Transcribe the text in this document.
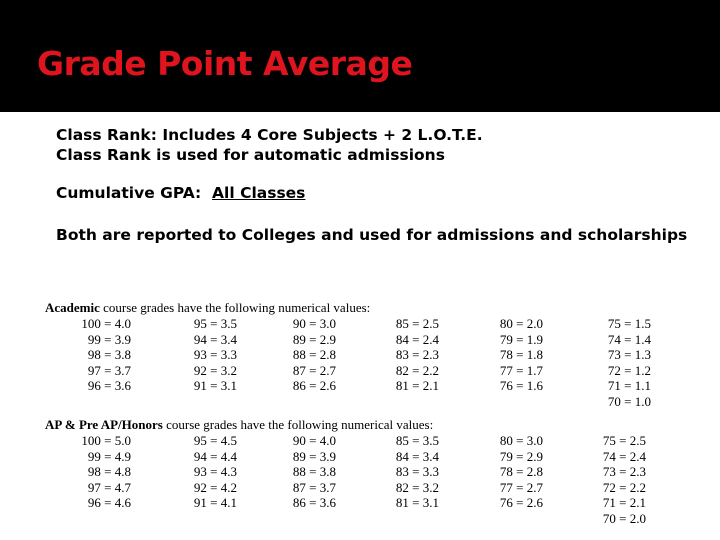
Grade Point Average

Class Rank: Includes 4 Core Subjects + 2 L.O.T.E.

Class Rank is used for automatic admissions

Cumulative GPA: All Classes

Both are reported to Colleges and used for admissions and scholarships

Academic course grades have the following numerical values:
100 = 4.0
99 = 3.9
98 = 3.8
97 = 3.7
96 = 3.6
95 = 3.5
94 = 3.4
93 = 3.3
92 = 3.2
91 = 3.1
90 = 3.0
89 = 2.9
88 = 2.8
87 = 2.7
86 = 2.6
85 = 2.5
84 = 2.4
83 = 2.3
82 = 2.2
81 = 2.1
80 = 2.0
79 = 1.9
78 = 1.8
77 = 1.7
76 = 1.6
75 = 1.5
74 = 1.4
73 = 1.3
72 = 1.2
71 = 1.1
70 = 1.0
AP & Pre AP/Honors course grades have the following numerical values:
100 = 5.0
99 = 4.9
98 = 4.8
97 = 4.7
96 = 4.6
95 = 4.5
94 = 4.4
93 = 4.3
92 = 4.2
91 = 4.1
90 = 4.0
89 = 3.9
88 = 3.8
87 = 3.7
86 = 3.6
85 = 3.5
84 = 3.4
83 = 3.3
82 = 3.2
81 = 3.1
80 = 3.0
79 = 2.9
78 = 2.8
77 = 2.7
76 = 2.6
75 = 2.5
74 = 2.4
73 = 2.3
72 = 2.2
71 = 2.1
70 = 2.0
